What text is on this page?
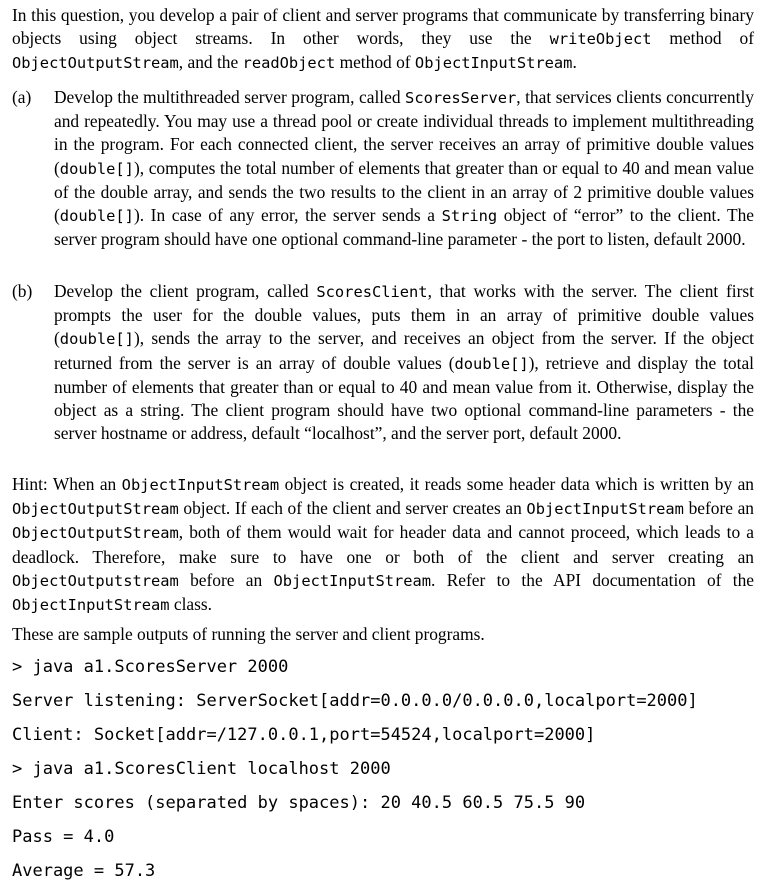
In this question, you develop a pair of client and server programs that communicate by transferring binary objects using object streams. In other words, they use the writeObject method of ObjectOutputStream, and the readObject method of ObjectInputStream.
(a)	Develop the multithreaded server program, called ScoresServer, that services clients concurrently and repeatedly. You may use a thread pool or create individual threads to implement multithreading in the program. For each connected client, the server receives an array of primitive double values (double[]), computes the total number of elements that greater than or equal to 40 and mean value of the double array, and sends the two results to the client in an array of 2 primitive double values (double[]). In case of any error, the server sends a String object of “error” to the client. The server program should have one optional command-line parameter - the port to listen, default 2000.
(b)	Develop the client program, called ScoresClient, that works with the server. The client first prompts the user for the double values, puts them in an array of primitive double values (double[]), sends the array to the server, and receives an object from the server. If the object returned from the server is an array of double values (double[]), retrieve and display the total number of elements that greater than or equal to 40 and mean value from it. Otherwise, display the object as a string. The client program should have two optional command-line parameters - the server hostname or address, default “localhost”, and the server port, default 2000.
Hint: When an ObjectInputStream object is created, it reads some header data which is written by an ObjectOutputStream object. If each of the client and server creates an ObjectInputStream before an ObjectOutputStream, both of them would wait for header data and cannot proceed, which leads to a deadlock. Therefore, make sure to have one or both of the client and server creating an ObjectOutputstream before an ObjectInputStream. Refer to the API documentation of the ObjectInputStream class.
These are sample outputs of running the server and client programs.
> java a1.ScoresServer 2000
Server listening: ServerSocket[addr=0.0.0.0/0.0.0.0,localport=2000]
Client: Socket[addr=/127.0.0.1,port=54524,localport=2000]
> java a1.ScoresClient localhost 2000
Enter scores (separated by spaces): 20 40.5 60.5 75.5 90
Pass = 4.0
Average = 57.3
